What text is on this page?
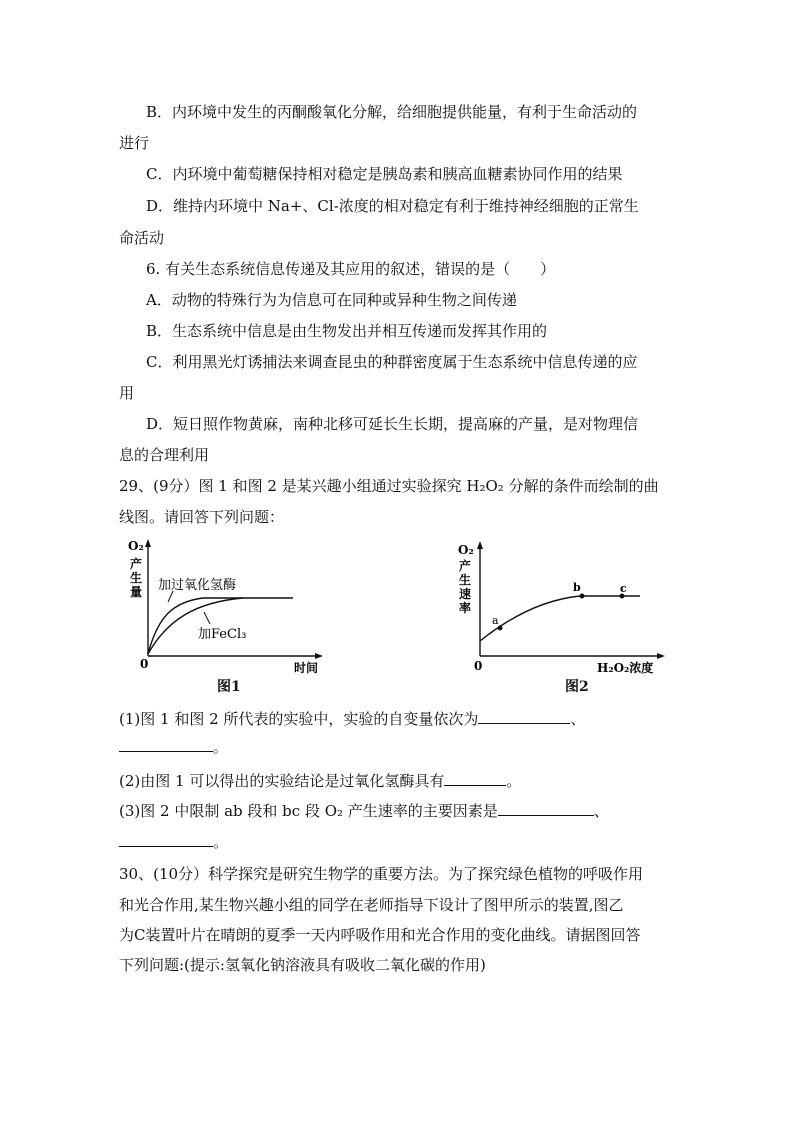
B．内环境中发生的丙酮酸氧化分解，给细胞提供能量，有利于生命活动的
进行
C．内环境中葡萄糖保持相对稳定是胰岛素和胰高血糖素协同作用的结果
D．维持内环境中 Na+、Cl-浓度的相对稳定有利于维持神经细胞的正常生
命活动
6. 有关生态系统信息传递及其应用的叙述，错误的是（　　）
A．动物的特殊行为为信息可在同种或异种生物之间传递
B．生态系统中信息是由生物发出并相互传递而发挥其作用的
C．利用黑光灯诱捕法来调查昆虫的种群密度属于生态系统中信息传递的应
用
D．短日照作物黄麻，南种北移可延长生长期，提高麻的产量，是对物理信
息的合理利用
29、(9分）图 1 和图 2 是某兴趣小组通过实验探究 H₂O₂ 分解的条件而绘制的曲
线图。请回答下列问题：
O₂
产
生
量 加过氧化氢酶
加FeCl₃
0	时间
图1
O₂
产
生
速
率
a
b	c
0	H₂O₂浓度
图2
(1)图 1 和图 2 所代表的实验中，实验的自变量依次为	、
。
(2)由图 1 可以得出的实验结论是过氧化氢酶具有	。
(3)图 2 中限制 ab 段和 bc 段 O₂ 产生速率的主要因素是	、
。
30、(10分）科学探究是研究生物学的重要方法。为了探究绿色植物的呼吸作用
和光合作用,某生物兴趣小组的同学在老师指导下设计了图甲所示的装置,图乙
为C装置叶片在晴朗的夏季一天内呼吸作用和光合作用的变化曲线。请据图回答
下列问题:(提示:氢氧化钠溶液具有吸收二氧化碳的作用)
